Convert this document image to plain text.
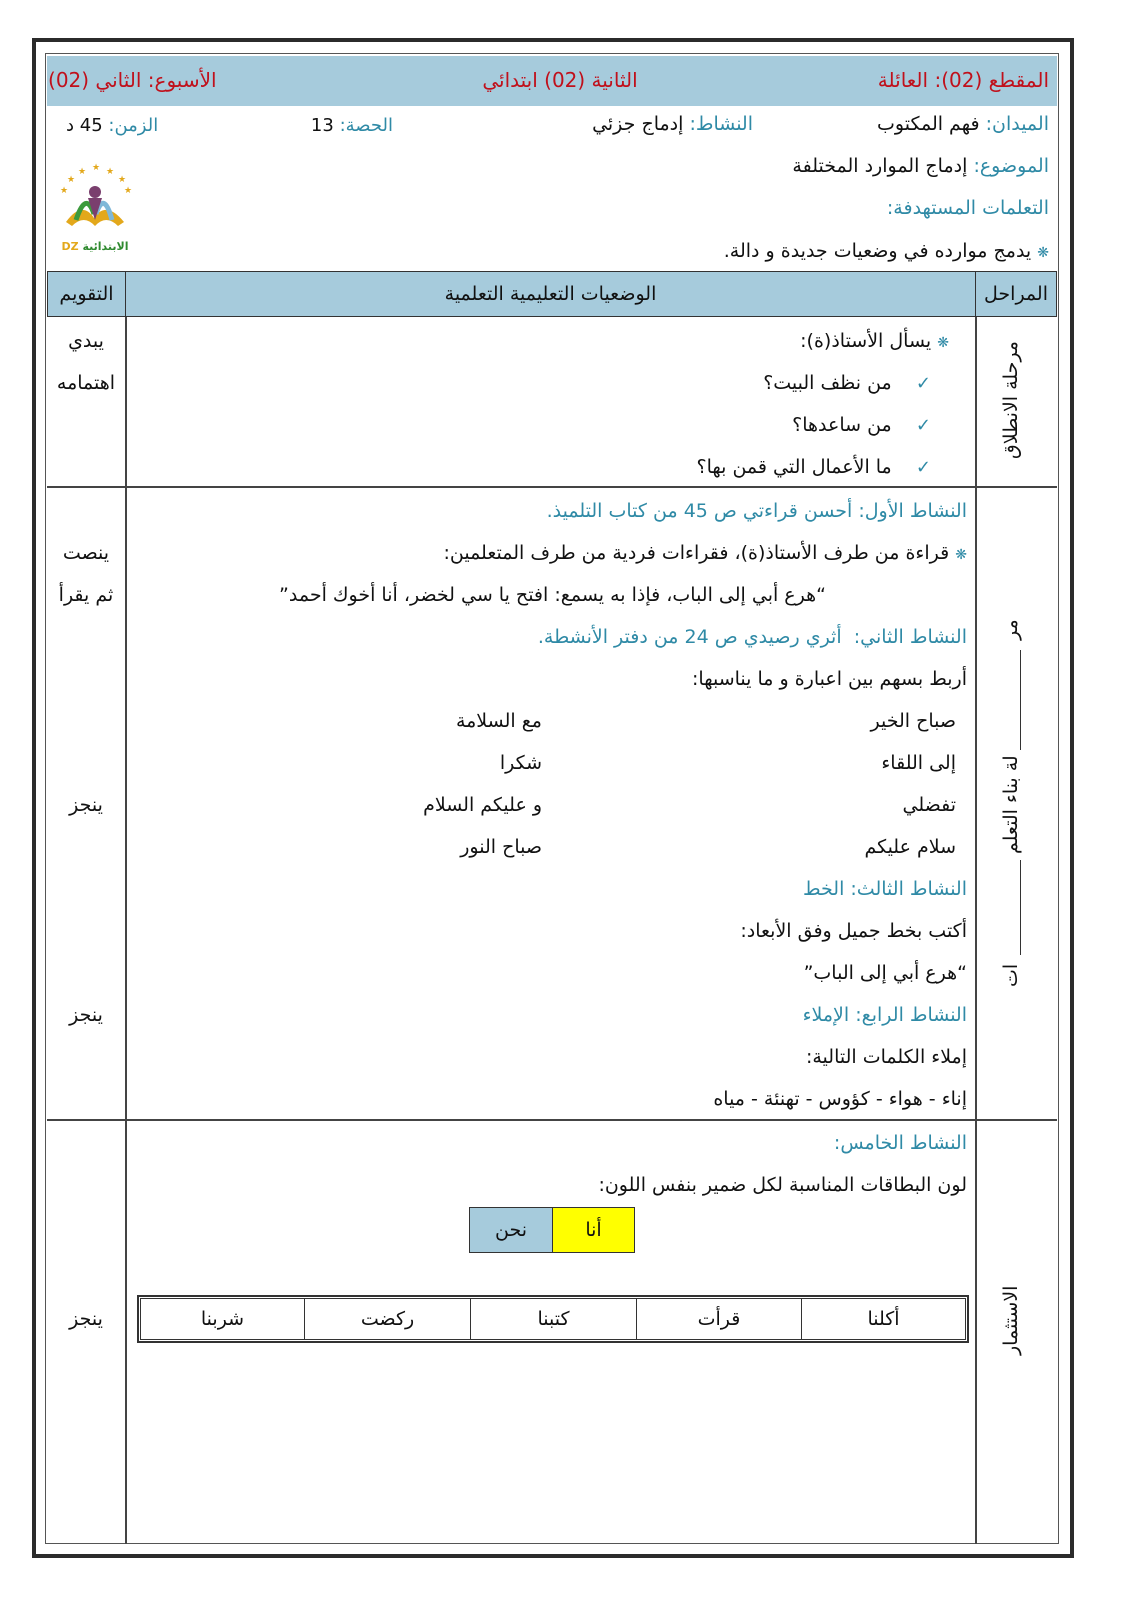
المقطع (02): العائلة
الثانية (02) ابتدائي
الأسبوع: الثاني (02)
الميدان: فهم المكتوب
النشاط: إدماج جزئي
الحصة: 13
الزمن: 45 د
الموضوع: إدماج الموارد المختلفة
التعلمات المستهدفة:
❋ يدمج موارده في وضعيات جديدة و دالة.
★
★ ★
★	★
★	★
DZ الابتدائية
المراحل
الوضعيات التعليمية التعلمية
التقويم
مرحلة الانطلاق
❋ يسأل الأستاذ(ة):
✓    من نظف البيت؟
✓    من ساعدها؟
✓    ما الأعمال التي قمن بها؟
يبدي
اهتمامه
مر
لة بناء التعلم
ات
النشاط الأول: أحسن قراءتي ص 45 من كتاب التلميذ.
❋ قراءة من طرف الأستاذ(ة)، فقراءات فردية من طرف المتعلمين:
“هرع أبي إلى الباب، فإذا به يسمع: افتح يا سي لخضر، أنا أخوك أحمد”
النشاط الثاني:  أثري رصيدي ص 24 من دفتر الأنشطة.
أربط بسهم بين اعبارة و ما يناسبها:
صباح الخير
إلى اللقاء
تفضلي
سلام عليكم
مع السلامة
شكرا
و عليكم السلام
صباح النور
النشاط الثالث: الخط
أكتب بخط جميل وفق الأبعاد:
“هرع أبي إلى الباب”
النشاط الرابع: الإملاء
إملاء الكلمات التالية:
إناء - هواء - كؤوس - تهنئة - مياه
ينصت
ثم يقرأ
ينجز
ينجز
الاستثمار
النشاط الخامس:
لون البطاقات المناسبة لكل ضمير بنفس اللون:
أنا
نحن
أكلنا
قرأت
كتبنا
ركضت
شربنا
ينجز
